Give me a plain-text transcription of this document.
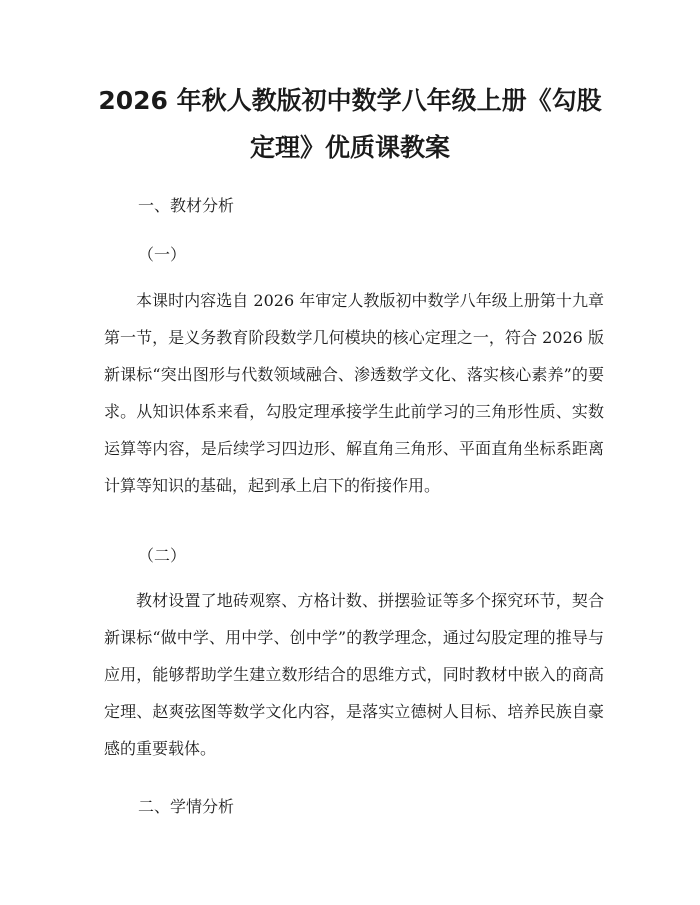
2026 年秋人教版初中数学八年级上册《勾股
定理》优质课教案
一、教材分析
（一）

本课时内容选自 2026 年审定人教版初中数学八年级上册第十九章第一节，是义务教育阶段数学几何模块的核心定理之一，符合 2026 版新课标“突出图形与代数领域融合、渗透数学文化、落实核心素养”的要求。从知识体系来看，勾股定理承接学生此前学习的三角形性质、实数运算等内容，是后续学习四边形、解直角三角形、平面直角坐标系距离计算等知识的基础，起到承上启下的衔接作用。

（二）

教材设置了地砖观察、方格计数、拼摆验证等多个探究环节，契合新课标“做中学、用中学、创中学”的教学理念，通过勾股定理的推导与应用，能够帮助学生建立数形结合的思维方式，同时教材中嵌入的商高定理、赵爽弦图等数学文化内容，是落实立德树人目标、培养民族自豪感的重要载体。

二、学情分析
